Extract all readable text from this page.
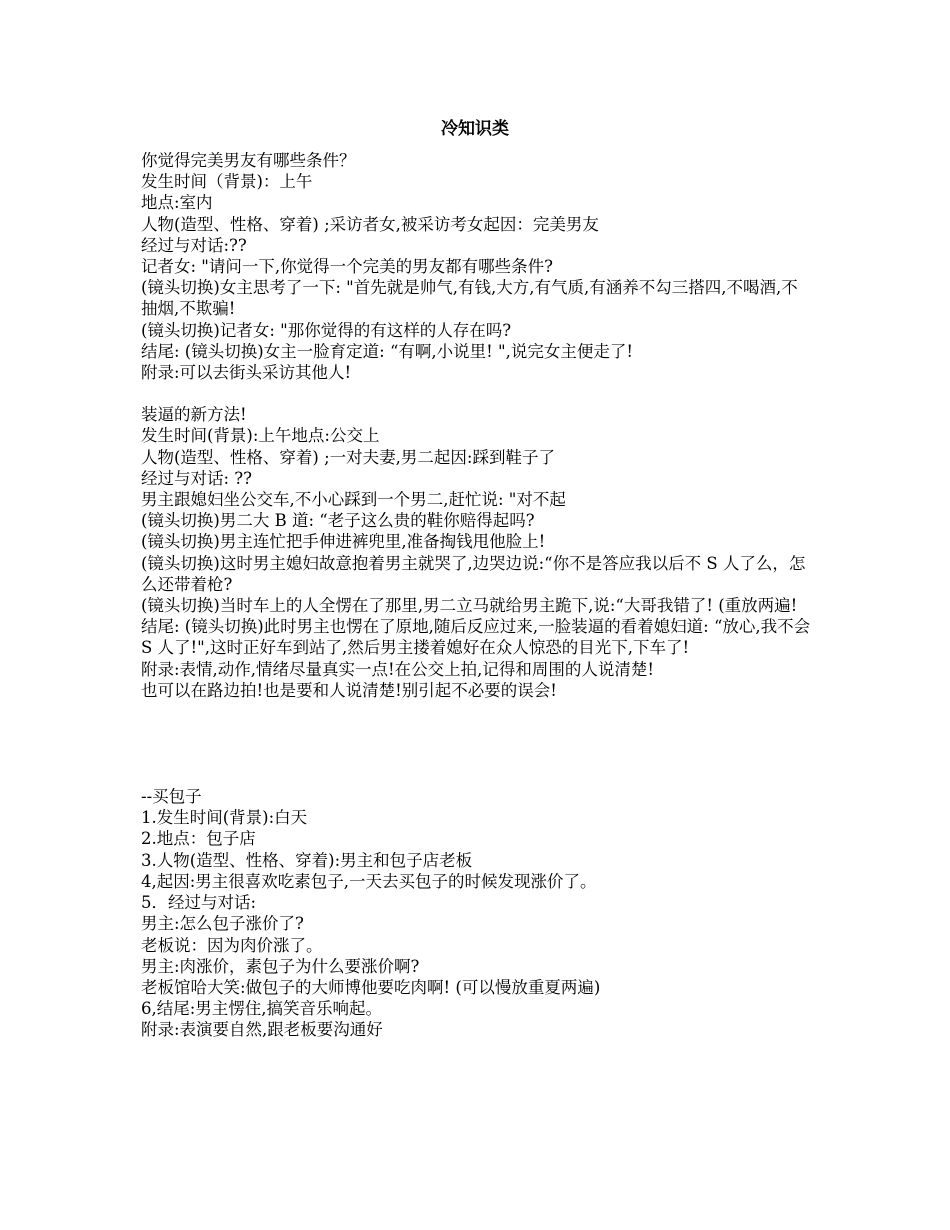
冷知识类

你觉得完美男友有哪些条件？

发生时间（背景)：上午

地点:室内

人物(造型、性格、穿着) ;采访者女,被采访考女起因：完美男友

经过与对话:??

记者女: "请问一下,你觉得一个完美的男友都有哪些条件?

(镜头切换)女主思考了一下: "首先就是帅气,有钱,大方,有气质,有涵养不勾三搭四,不喝酒,不抽烟,不欺骗!

(镜头切换)记者女: "那你觉得的有这样的人存在吗?

结尾: (镜头切换)女主一脸育定道: “有啊,小说里! ",说完女主便走了!

附录:可以去街头采访其他人!

装逼的新方法!

发生时间(背景):上午地点:公交上

人物(造型、性格、穿着) ;一对夫妻,男二起因:踩到鞋子了

经过与对话: ??

男主跟媳妇坐公交车,不小心踩到一个男二,赶忙说: "对不起

(镜头切换)男二大 B 道: “老子这么贵的鞋你赔得起吗?

(镜头切换)男主连忙把手伸进裤兜里,准备掏钱甩他脸上!

(镜头切换)这时男主媳妇故意抱着男主就哭了,边哭边说:“你不是答应我以后不 S 人了么，怎么还带着枪?

(镜头切换)当时车上的人全愣在了那里,男二立马就给男主跪下,说:“大哥我错了! (重放两遍!

结尾: (镜头切换)此时男主也愣在了原地,随后反应过来,一脸装逼的看着媳妇道: “放心,我不会 S 人了!",这时正好车到站了,然后男主搂着媳好在众人惊恐的目光下,下车了!

附录:表情,动作,情绪尽量真实一点!在公交上拍,记得和周围的人说清楚!

也可以在路边拍!也是要和人说清楚!别引起不必要的误会!

--买包子

1.发生时间(背景):白天

2.地点：包子店

3.人物(造型、性格、穿着):男主和包子店老板

4,起因:男主很喜欢吃素包子,一天去买包子的时候发现涨价了。

5．经过与对话:

男主:怎么包子涨价了?

老板说：因为肉价涨了。

男主:肉涨价，素包子为什么要涨价啊?

老板馆哈大笑:做包子的大师博他要吃肉啊! (可以慢放重夏两遍)

6,结尾:男主愣住,搞笑音乐响起。

附录:表演要自然,跟老板要沟通好
